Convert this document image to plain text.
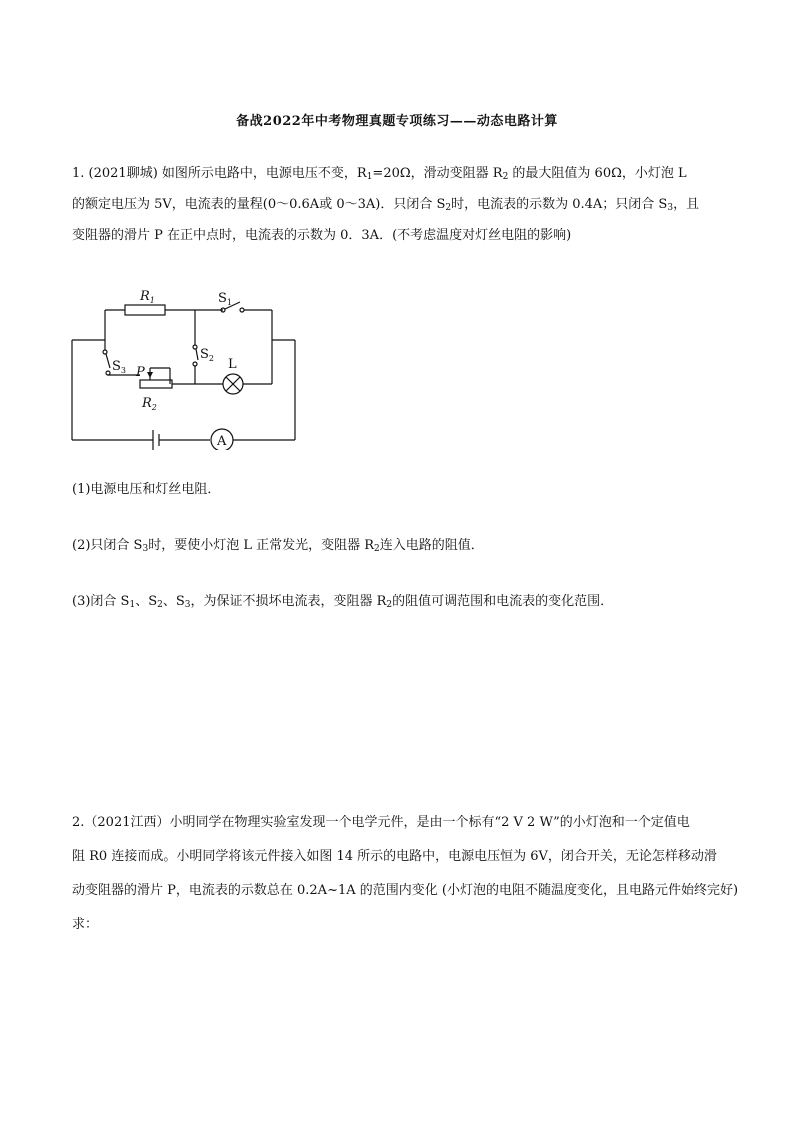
备战2022年中考物理真题专项练习——动态电路计算
1. (2021聊城) 如图所示电路中，电源电压不变，$R_1=20\Omega$，滑动变阻器 $R_2$ 的最大阻值为 60Ω，小灯泡 L
的额定电压为 5V，电流表的量程(0～0.6A或 0～3A)．只闭合 $S_2$时，电流表的示数为 0.4A；只闭合 $S_3$，且
变阻器的滑片 P 在正中点时，电流表的示数为 0．3A．(不考虑温度对灯丝电阻的影响)
$R_1$	$S_1$
$S_2$
$S_3$ P
$R_2$
L
A
(1)电源电压和灯丝电阻．
(2)只闭合 $S_3$时，要使小灯泡 L 正常发光，变阻器 $R_2$连入电路的阻值．
(3)闭合 $S_1$、$S_2$、$S_3$，为保证不损坏电流表，变阻器 $R_2$的阻值可调范围和电流表的变化范围．
2.（2021江西）小明同学在物理实验室发现一个电学元件，是由一个标有“2 V 2 W”的小灯泡和一个定值电
阻 R0 连接而成。小明同学将该元件接入如图 14 所示的电路中，电源电压恒为 6V，闭合开关，无论怎样移动滑
动变阻器的滑片 P，电流表的示数总在 0.2A~1A 的范围内变化 (小灯泡的电阻不随温度变化，且电路元件始终完好)
求：
